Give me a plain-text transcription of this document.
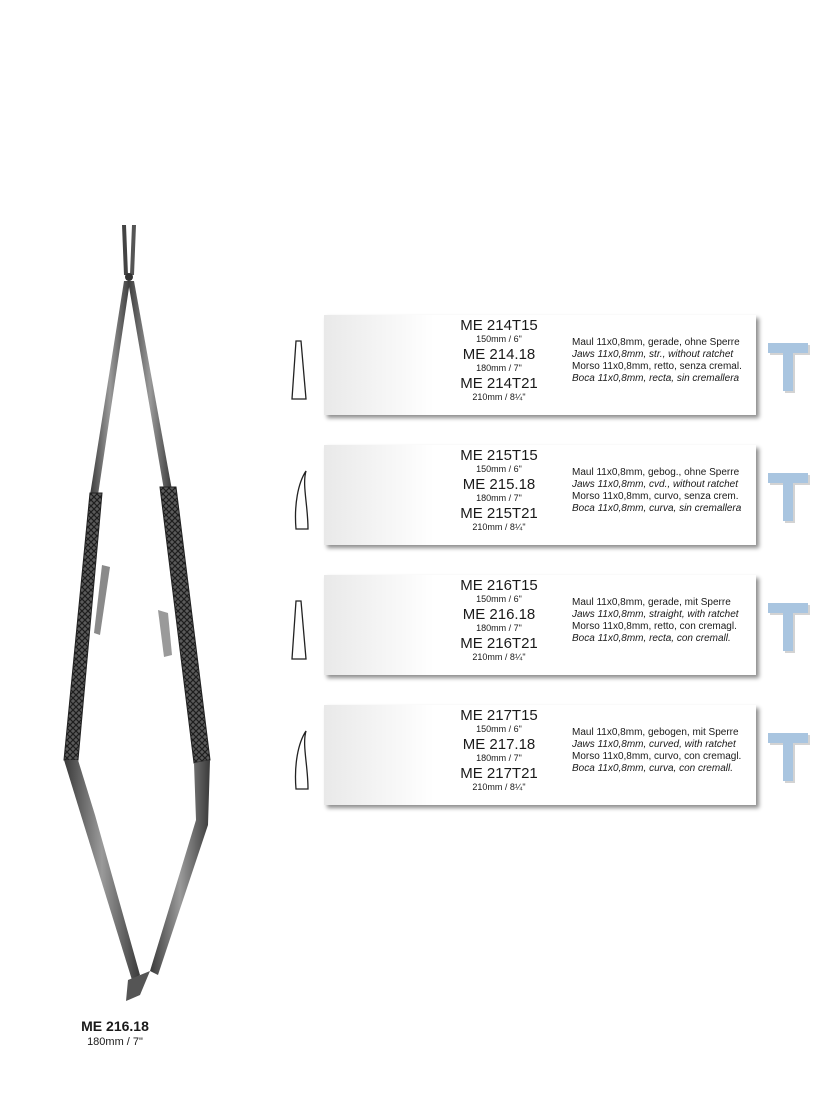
ME 216.18
180mm / 7"
ME 214T15
150mm / 6"
ME 214.18
180mm / 7"
ME 214T21
210mm / 8¼"
Maul 11x0,8mm, gerade, ohne Sperre
Jaws 11x0,8mm, str., without ratchet
Morso 11x0,8mm, retto, senza cremal.
Boca 11x0,8mm, recta, sin cremallera
ME 215T15
150mm / 6"
ME 215.18
180mm / 7"
ME 215T21
210mm / 8¼"
Maul 11x0,8mm, gebog., ohne Sperre
Jaws 11x0,8mm, cvd., without ratchet
Morso 11x0,8mm, curvo, senza crem.
Boca 11x0,8mm, curva, sin cremallera
ME 216T15
150mm / 6"
ME 216.18
180mm / 7"
ME 216T21
210mm / 8¼"
Maul 11x0,8mm, gerade, mit Sperre
Jaws 11x0,8mm, straight, with ratchet
Morso 11x0,8mm, retto, con cremagl.
Boca 11x0,8mm, recta, con cremall.
ME 217T15
150mm / 6"
ME 217.18
180mm / 7"
ME 217T21
210mm / 8¼"
Maul 11x0,8mm, gebogen, mit Sperre
Jaws 11x0,8mm, curved, with ratchet
Morso 11x0,8mm, curvo, con cremagl.
Boca 11x0,8mm, curva, con cremall.
